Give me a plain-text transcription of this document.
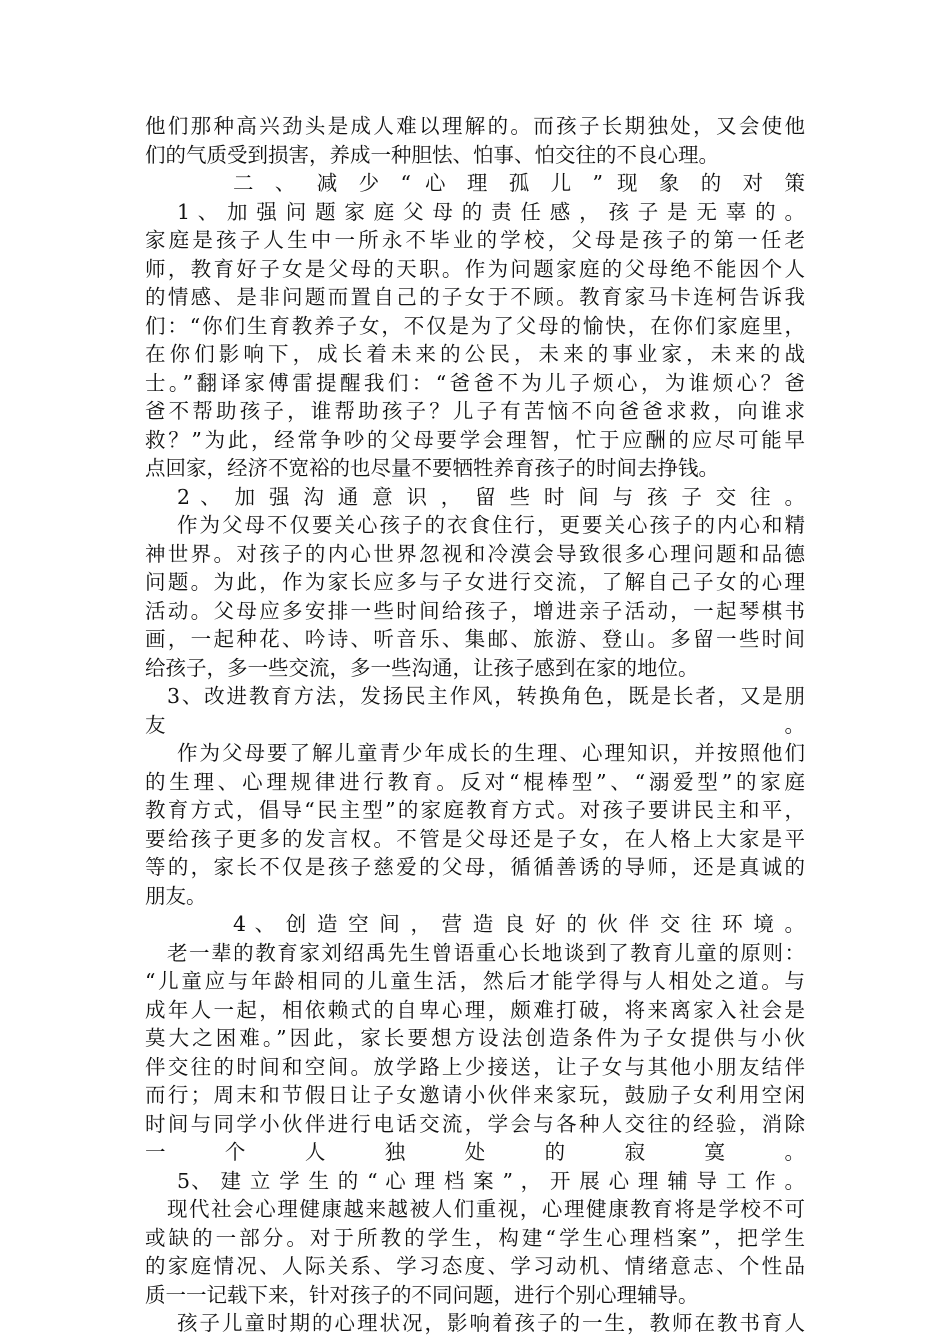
他们那种高兴劲头是成人难以理解的。而孩子长期独处，又会使他
们的气质受到损害，养成一种胆怯、怕事、怕交往的不良心理。
二 、 减 少 “ 心 理 孤 儿 ” 现 象 的 对 策
1 、 加 强 问 题 家 庭 父 母 的 责 任 感 ， 孩 子 是 无 辜 的 。
家庭是孩子人生中一所永不毕业的学校，父母是孩子的第一任老
师，教育好子女是父母的天职。作为问题家庭的父母绝不能因个人
的情感、是非问题而置自己的子女于不顾。教育家马卡连柯告诉我
们：“你们生育教养子女，不仅是为了父母的愉快，在你们家庭里，
在你们影响下，成长着未来的公民，未来的事业家，未来的战
士。”翻译家傅雷提醒我们：“爸爸不为儿子烦心，为谁烦心？爸
爸不帮助孩子，谁帮助孩子？儿子有苦恼不向爸爸求救，向谁求
救？”为此，经常争吵的父母要学会理智，忙于应酬的应尽可能早
点回家，经济不宽裕的也尽量不要牺牲养育孩子的时间去挣钱。
2 、 加 强 沟 通 意 识 ， 留 些 时 间 与 孩 子 交 往 。
作为父母不仅要关心孩子的衣食住行，更要关心孩子的内心和精
神世界。对孩子的内心世界忽视和冷漠会导致很多心理问题和品德
问题。为此，作为家长应多与子女进行交流，了解自己子女的心理
活动。父母应多安排一些时间给孩子，增进亲子活动，一起琴棋书
画，一起种花、吟诗、听音乐、集邮、旅游、登山。多留一些时间
给孩子，多一些交流，多一些沟通，让孩子感到在家的地位。
3、改进教育方法，发扬民主作风，转换角色，既是长者，又是朋
友 。
作为父母要了解儿童青少年成长的生理、心理知识，并按照他们
的生理、心理规律进行教育。反对“棍棒型”、“溺爱型”的家庭
教育方式，倡导“民主型”的家庭教育方式。对孩子要讲民主和平，
要给孩子更多的发言权。不管是父母还是子女，在人格上大家是平
等的，家长不仅是孩子慈爱的父母，循循善诱的导师，还是真诚的
朋友。
4 、 创 造 空 间 ， 营 造 良 好 的 伙 伴 交 往 环 境 。
老一辈的教育家刘绍禹先生曾语重心长地谈到了教育儿童的原则：
“儿童应与年龄相同的儿童生活，然后才能学得与人相处之道。与
成年人一起，相依赖式的自卑心理，颇难打破，将来离家入社会是
莫大之困难。”因此，家长要想方设法创造条件为子女提供与小伙
伴交往的时间和空间。放学路上少接送，让子女与其他小朋友结伴
而行；周末和节假日让子女邀请小伙伴来家玩，鼓励子女利用空闲
时间与同学小伙伴进行电话交流，学会与各种人交往的经验，消除
一 个 人 独 处 的 寂 寞 。
5、 建 立 学 生 的 “ 心 理 档 案 ” ， 开 展 心 理 辅 导 工 作 。
现代社会心理健康越来越被人们重视，心理健康教育将是学校不可
或缺的一部分。对于所教的学生，构建“学生心理档案”，把学生
的家庭情况、人际关系、学习态度、学习动机、情绪意志、个性品
质一一记载下来，针对孩子的不同问题，进行个别心理辅导。
孩子儿童时期的心理状况，影响着孩子的一生，教师在教书育人
